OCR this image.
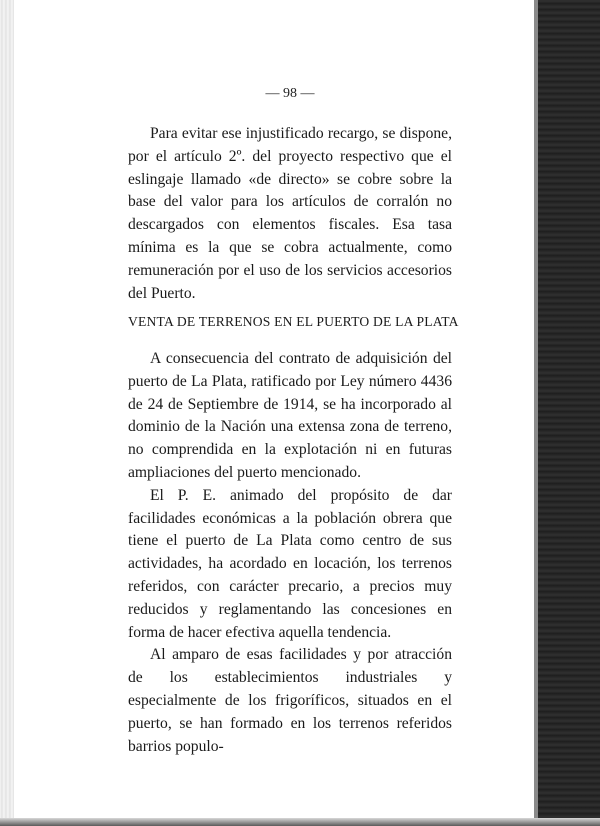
— 98 —

Para evitar ese injustificado recargo, se dispone, por el artículo 2º. del proyecto respectivo que el eslingaje llamado «de directo» se cobre sobre la base del valor para los artículos de corralón no descargados con elementos fiscales. Esa tasa mínima es la que se cobra actualmente, como remuneración por el uso de los servicios accesorios del Puerto.

VENTA DE TERRENOS EN EL PUERTO DE LA PLATA

A consecuencia del contrato de adquisición del puerto de La Plata, ratificado por Ley número 4436 de 24 de Septiembre de 1914, se ha incorporado al dominio de la Nación una extensa zona de terreno, no comprendida en la explotación ni en futuras ampliaciones del puerto mencionado.

El P. E. animado del propósito de dar facilidades económicas a la población obrera que tiene el puerto de La Plata como centro de sus actividades, ha acordado en locación, los terrenos referidos, con carácter precario, a precios muy reducidos y reglamentando las concesiones en forma de hacer efectiva aquella tendencia.

Al amparo de esas facilidades y por atracción de los establecimientos industriales y especialmente de los frigoríficos, situados en el puerto, se han formado en los terrenos referidos barrios populo-
